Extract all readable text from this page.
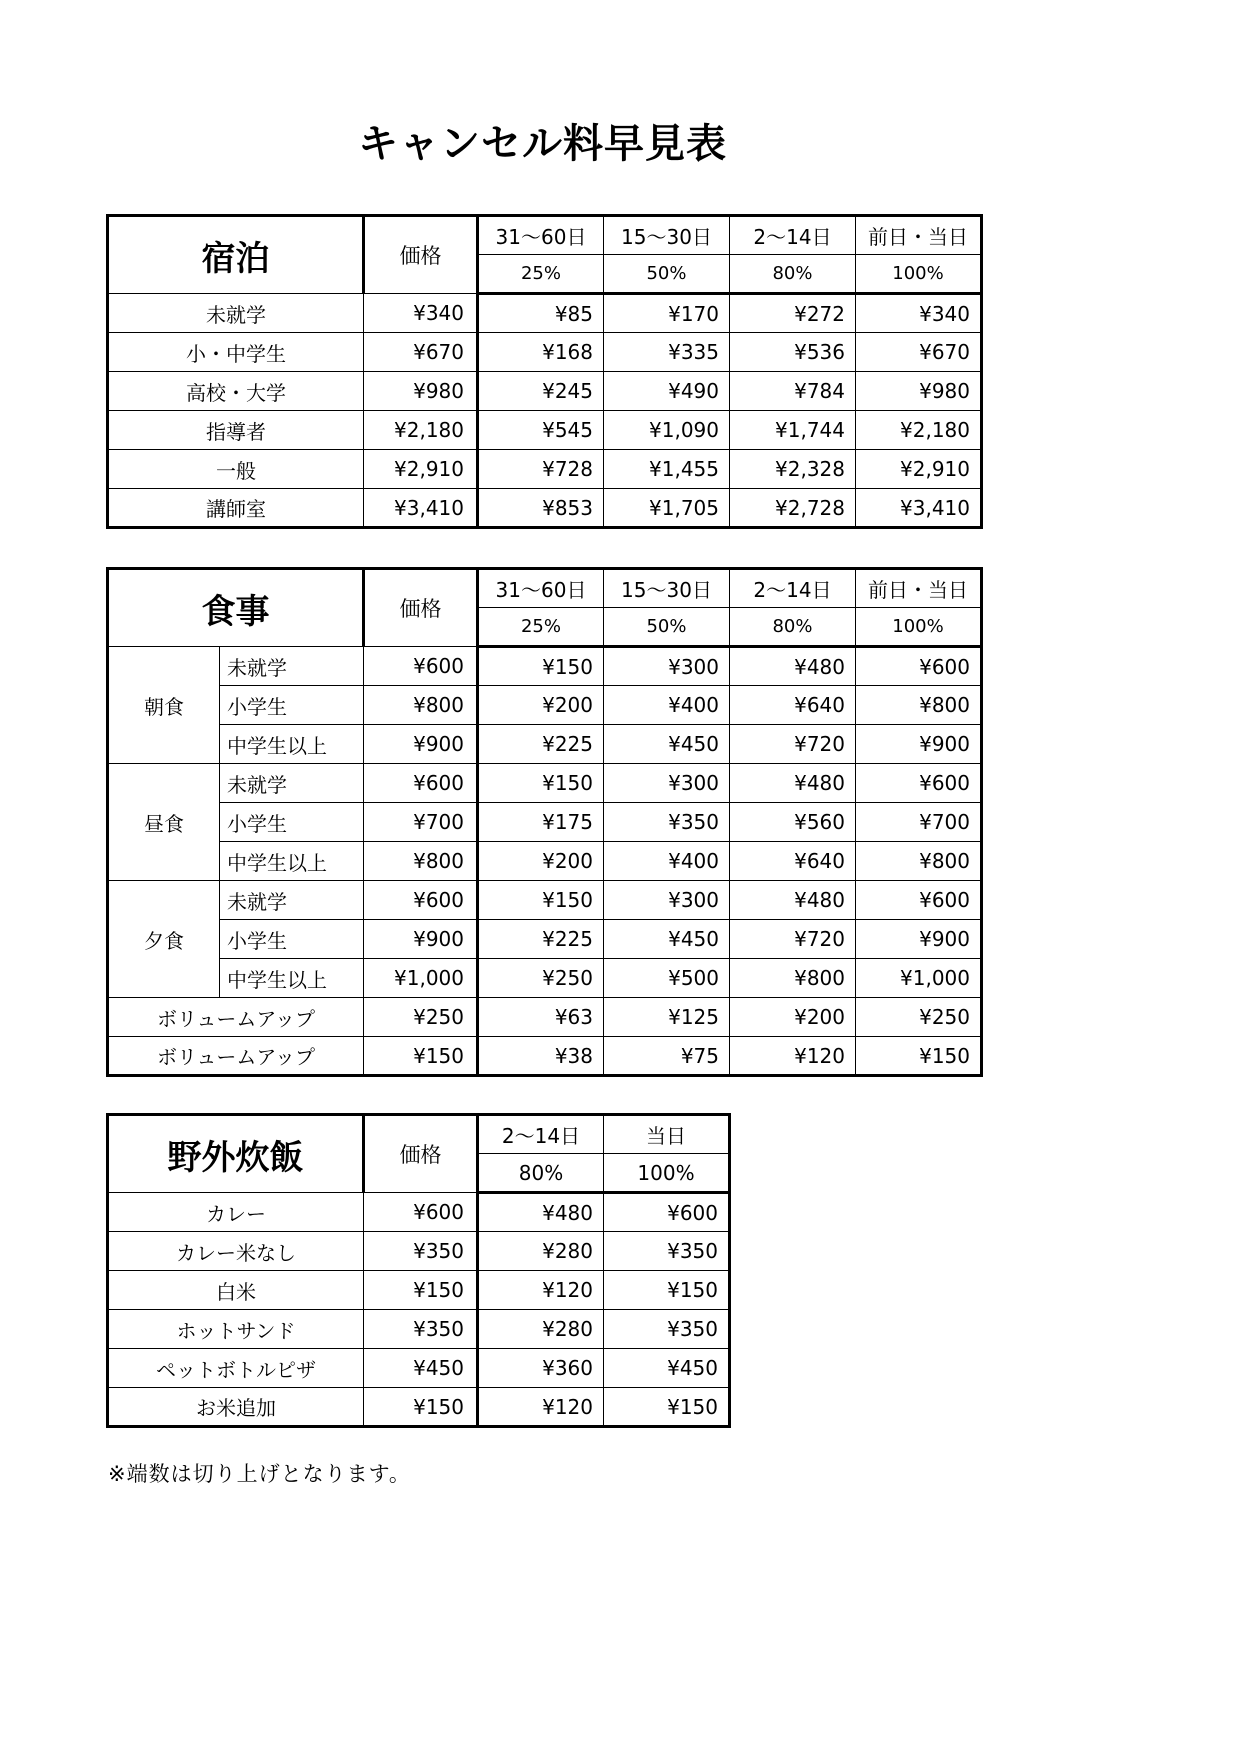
キャンセル料早見表
宿泊	価格	31〜60日	15〜30日	2〜14日	前日・当日
		25%	50%	80%	100%
未就学	¥340	¥85	¥170	¥272	¥340
小・中学生	¥670	¥168	¥335	¥536	¥670
高校・大学	¥980	¥245	¥490	¥784	¥980
指導者	¥2,180	¥545	¥1,090	¥1,744	¥2,180
一般	¥2,910	¥728	¥1,455	¥2,328	¥2,910
講師室	¥3,410	¥853	¥1,705	¥2,728	¥3,410
食事		価格	31〜60日	15〜30日	2〜14日	前日・当日
			25%	50%	80%	100%
朝食	未就学	¥600	¥150	¥300	¥480	¥600
	小学生	¥800	¥200	¥400	¥640	¥800
	中学生以上	¥900	¥225	¥450	¥720	¥900
昼食	未就学	¥600	¥150	¥300	¥480	¥600
	小学生	¥700	¥175	¥350	¥560	¥700
	中学生以上	¥800	¥200	¥400	¥640	¥800
夕食	未就学	¥600	¥150	¥300	¥480	¥600
	小学生	¥900	¥225	¥450	¥720	¥900
	中学生以上	¥1,000	¥250	¥500	¥800	¥1,000
ボリュームアップ		¥250	¥63	¥125	¥200	¥250
ボリュームアップ		¥150	¥38	¥75	¥120	¥150
野外炊飯	価格	2〜14日	当日
		80%	100%
カレー	¥600	¥480	¥600
カレー米なし	¥350	¥280	¥350
白米	¥150	¥120	¥150
ホットサンド	¥350	¥280	¥350
ペットボトルピザ	¥450	¥360	¥450
お米追加	¥150	¥120	¥150
※端数は切り上げとなります。
